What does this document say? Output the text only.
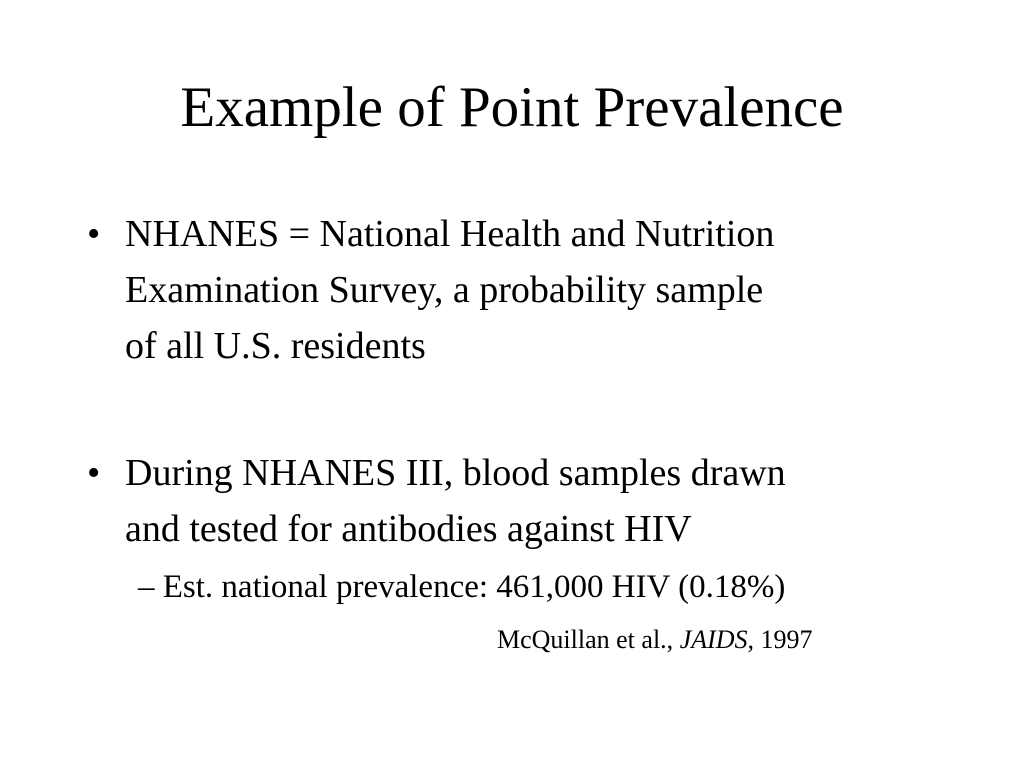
Example of Point Prevalence
• NHANES = National Health and Nutrition
Examination Survey, a probability sample
of all U.S. residents
• During NHANES III, blood samples drawn
and tested for antibodies against HIV
– Est. national prevalence: 461,000 HIV (0.18%)
McQuillan et al., JAIDS, 1997
